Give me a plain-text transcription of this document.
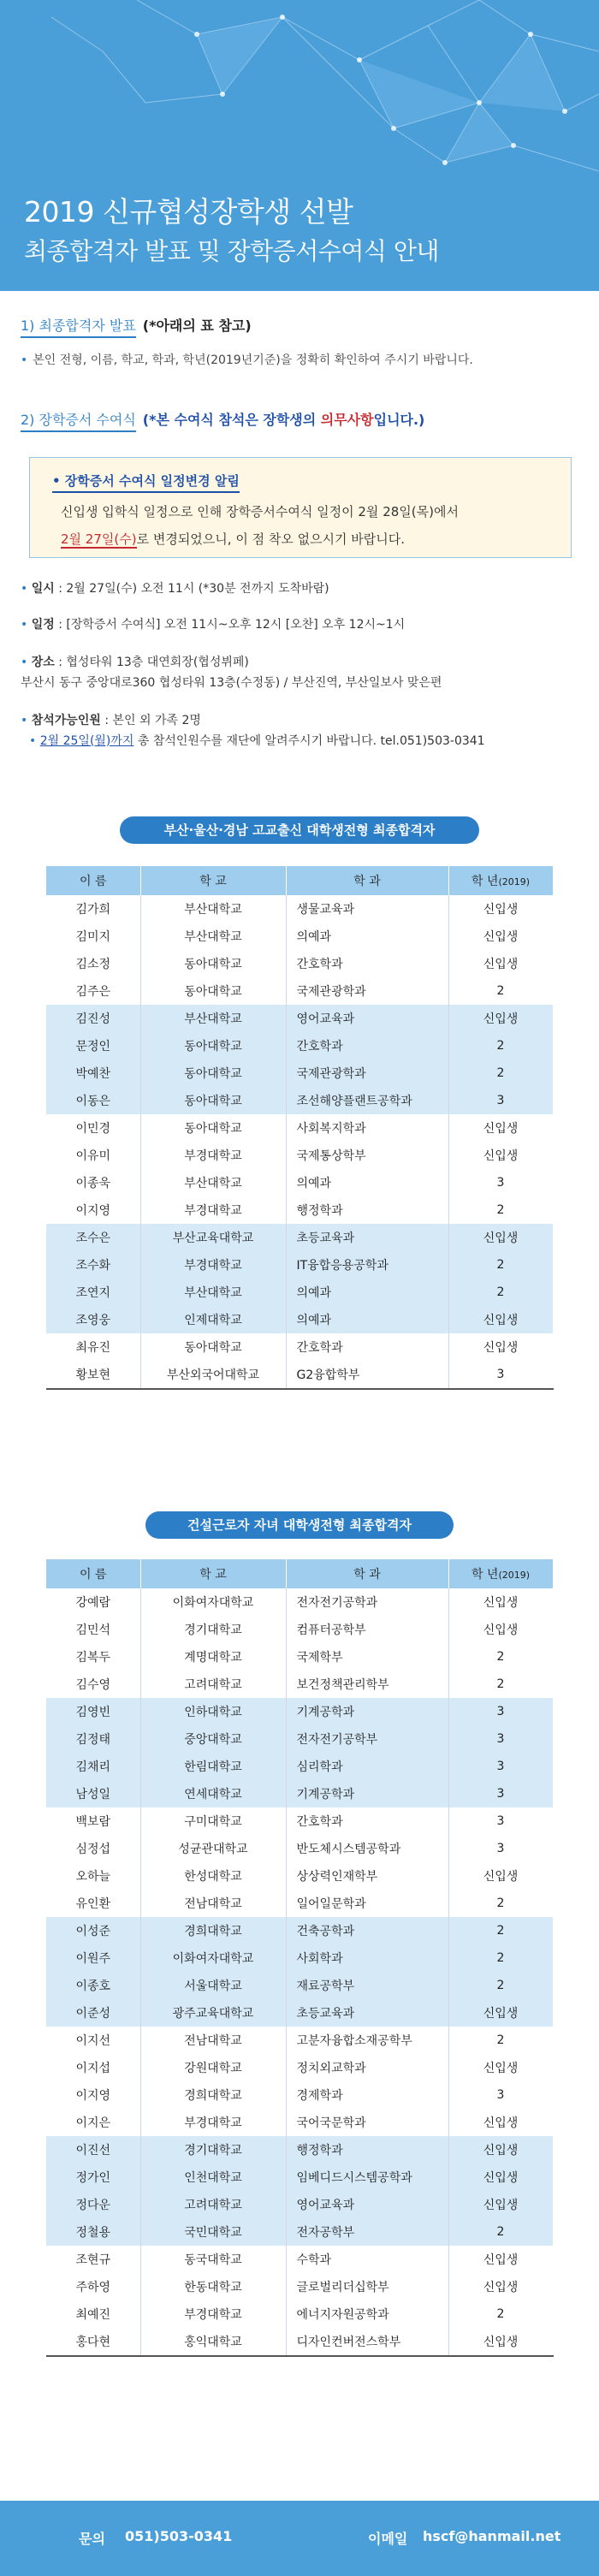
2019 신규협성장학생 선발
최종합격자 발표 및 장학증서수여식 안내
1) 최종합격자 발표 (*아래의 표 참고)
• 본인 전형, 이름, 학교, 학과, 학년(2019년기준)을 정확히 확인하여 주시기 바랍니다.
2) 장학증서 수여식 (*본 수여식 참석은 장학생의 의무사항입니다.)
• 장학증서 수여식 일정변경 알림
신입생 입학식 일정으로 인해 장학증서수여식 일정이 2월 28일(목)에서
2월 27일(수)로 변경되었으니, 이 점 착오 없으시기 바랍니다.
• 일시 : 2월 27일(수) 오전 11시 (*30분 전까지 도착바람)
• 일정 : [장학증서 수여식] 오전 11시~오후 12시 [오찬] 오후 12시~1시
• 장소 : 협성타워 13층 대연회장(협성뷔페)
부산시 동구 중앙대로360 협성타워 13층(수정동) / 부산진역, 부산일보사 맞은편
• 참석가능인원 : 본인 외 가족 2명
• 2월 25일(월)까지 총 참석인원수를 재단에 알려주시기 바랍니다. tel.051)503-0341
부산·울산·경남 고교출신 대학생전형 최종합격자
이 름	학 교	학 과	학 년(2019)
김가희	부산대학교	생물교육과	신입생
김미지	부산대학교	의예과	신입생
김소정	동아대학교	간호학과	신입생
김주은	동아대학교	국제관광학과	2
김진성	부산대학교	영어교육과	신입생
문정인	동아대학교	간호학과	2
박예찬	동아대학교	국제관광학과	2
이동은	동아대학교	조선해양플랜트공학과	3
이민경	동아대학교	사회복지학과	신입생
이유미	부경대학교	국제통상학부	신입생
이종욱	부산대학교	의예과	3
이지영	부경대학교	행정학과	2
조수은	부산교육대학교	초등교육과	신입생
조수화	부경대학교	IT융합응용공학과	2
조연지	부산대학교	의예과	2
조영웅	인제대학교	의예과	신입생
최유진	동아대학교	간호학과	신입생
황보현	부산외국어대학교	G2융합학부	3
건설근로자 자녀 대학생전형 최종합격자
이 름	학 교	학 과	학 년(2019)
강예람	이화여자대학교	전자전기공학과	신입생
김민석	경기대학교	컴퓨터공학부	신입생
김복두	계명대학교	국제학부	2
김수영	고려대학교	보건정책관리학부	2
김영빈	인하대학교	기계공학과	3
김정태	중앙대학교	전자전기공학부	3
김채리	한림대학교	심리학과	3
남성일	연세대학교	기계공학과	3
백보람	구미대학교	간호학과	3
심정섭	성균관대학교	반도체시스템공학과	3
오하늘	한성대학교	상상력인재학부	신입생
유인환	전남대학교	일어일문학과	2
이성준	경희대학교	건축공학과	2
이원주	이화여자대학교	사회학과	2
이종호	서울대학교	재료공학부	2
이준성	광주교육대학교	초등교육과	신입생
이지선	전남대학교	고분자융합소재공학부	2
이지섭	강원대학교	정치외교학과	신입생
이지영	경희대학교	경제학과	3
이지은	부경대학교	국어국문학과	신입생
이진선	경기대학교	행정학과	신입생
정가인	인천대학교	임베디드시스템공학과	신입생
정다운	고려대학교	영어교육과	신입생
정철용	국민대학교	전자공학부	2
조현규	동국대학교	수학과	신입생
주하영	한동대학교	글로벌리더십학부	신입생
최예진	부경대학교	에너지자원공학과	2
홍다현	홍익대학교	디자인컨버전스학부	신입생
문의 051)503-0341	이메일 hscf@hanmail.net
